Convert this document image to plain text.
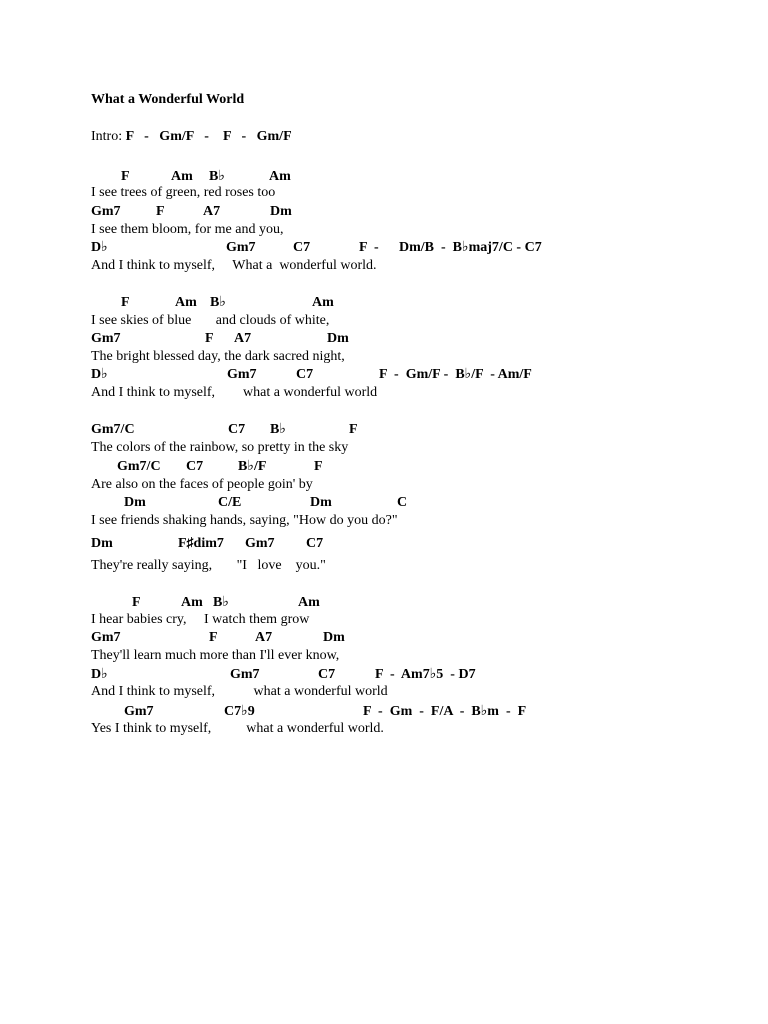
What a Wonderful World
Intro: F   -   Gm/F   -    F   -   Gm/F
F	Am B♭	Am
I see trees of green, red roses too
Gm7	F	A7	Dm
I see them bloom, for me and you,
D♭	Gm7	C7	F  - Dm/B  -  B♭maj7/C - C7
And I think to myself,     What a  wonderful world.
F	Am B♭	Am
I see skies of blue       and clouds of white,
Gm7	F A7	Dm
The bright blessed day, the dark sacred night,
D♭	Gm7	C7	F  -  Gm/F -  B♭/F  - Am/F
And I think to myself,        what a wonderful world
Gm7/C	C7 B♭	F
The colors of the rainbow, so pretty in the sky
Gm7/C C7 B♭/F	F
Are also on the faces of people goin' by
Dm	C/E	Dm	C
I see friends shaking hands, saying, "How do you do?"
Dm	F♯dim7 Gm7 C7
They're really saying,       "I   love    you."
F	Am B♭	Am
I hear babies cry,     I watch them grow
Gm7	F	A7	Dm
They'll learn much more than I'll ever know,
D♭	Gm7	C7	F  -  Am7♭5  - D7
And I think to myself,           what a wonderful world
Gm7	C7♭9	F  -  Gm  -  F/A  -  B♭m  -  F
Yes I think to myself,          what a wonderful world.
